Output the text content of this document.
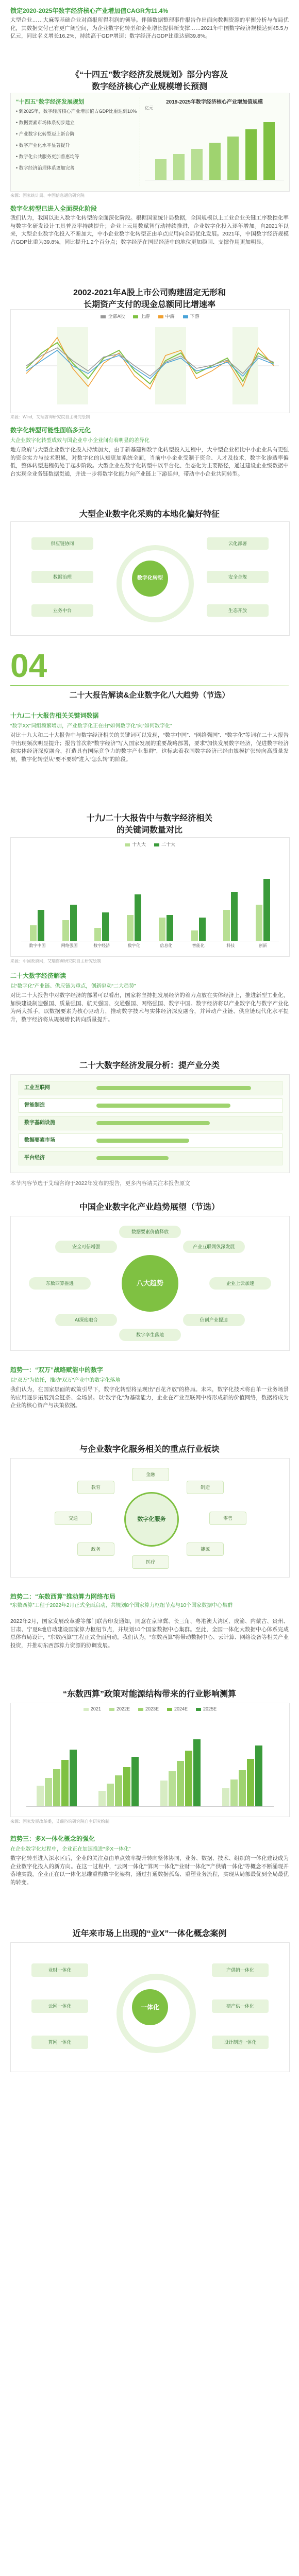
锁定2020-2025年数字经济核心产业增加值CAGR为11.4%

大型企业……大麻等基础企业对商报所得利润的领导。伴随数据整理事件报告作出面向数据资源的平衡分析与布局优化，其数据交付已有更广阔空间，为企业数字化转型和企业增长提供新支撑……2021年中国数字经济规模达到45.5万亿元，同比名义增长16.2%，持续高于GDP增速；数字经济占GDP比重达到39.8%。

《“十四五”数字经济发展规划》部分内容及

数字经济核心产业规模增长预测

“十四五”数字经济发展规划
• 到2025年，数字经济核心产业增加值占GDP比重达到10%
• 数据要素市场体系初步建立
• 产业数字化转型迈上新台阶
• 数字产业化水平显著提升
• 数字化公共服务更加普惠均等
• 数字经济治理体系更加完善
2019-2025年数字经济核心产业增加值规模
亿元

来源：国家统计局、中国信息通信研究院

数字化转型已进入全面深化阶段

我们认为，我国以进入数字化转型的全面深化阶段。根据国家统计局数据，全国规模以上工业企业关键工序数控化率与数字化研发设计工具普及率持续提升；企业上云用数赋智行动持续推进，企业数字化投入逐年增加。自2021年以来，大型企业数字化投入不断加大，中小企业数字化转型正由单点应用向全局优化发展。2021年，中国数字经济规模占GDP比重为39.8%，同比提升1.2个百分点；数字经济在国民经济中的地位更加稳固、支撑作用更加明显。

2002-2021年A股上市公司购建固定无形和

长期资产支付的现金总额同比增速率

全部A股	上游	中游	下游

来源：Wind，艾瑞咨询研究院自主研究绘制

数字化转型可能性面临多元化

大企业数字化转型成效与国企业中小企业间有着明显的差异化

地方政府与大型企业数字化投入持续加大，由于新基建和数字化转型投入过程中，大中型企业相比中小企业具有更强的资金实力与技术积累，对数字化的认知更加系统全面，当前中小企业受制于资金、人才及技术，数字化渗透率偏低，整体转型进程仍处于起步阶段。大型企业在数字化转型中以平台化、生态化为主要路径，通过建设企业级数据中台实现全业务链数据贯通，并进一步将数字化能力向产业链上下游延伸，带动中小企业共同转型。

大型企业数字化采购的本地化偏好特征

数字化转型
供应链协同
数据治理
业务中台
云化部署
安全合规
生态开放
04
二十大报告解读&企业数字化八大趋势（节选）

十九/二十大报告相关关键词数据

“数字XX”词组频繁增加，产业数字化正在由“如何数字化”向“如何数字化”

对比十九大和二十大报告中与数字经济相关的关键词可以发现，“数字中国”、“网络强国”、“数字化”等词在二十大报告中出现频次明显提升；报告首次将“数字经济”写入国家发展的重要战略部署，要求“加快发展数字经济，促进数字经济和实体经济深度融合，打造具有国际竞争力的数字产业集群”，这标志着我国数字经济已经由规模扩张转向高质量发展，数字化转型从“要不要转”进入“怎么转”的阶段。

十九/二十大报告中与数字经济相关

的关键词数量对比

十九大	二十大
数字中国	网络强国	数字经济	数字化	信息化	智能化	科技	创新

来源：中国政府网，艾瑞咨询研究院自主研究绘制

二十大数字经济解读

以“数字化”产业链、供应链为重点，创新驱动“二大趋势”

对比二十大报告中对数字经济的部署可以看出，国家将坚持把发展经济的着力点放在实体经济上，推进新型工业化，加快建设制造强国、质量强国、航天强国、交通强国、网络强国、数字中国。数字经济将以产业数字化与数字产业化为两大抓手，以数据要素为核心驱动力，推动数字技术与实体经济深度融合，并带动产业链、供应链现代化水平提升，数字经济将从规模增长转向质量提升。

二十大数字经济发展分析：提产业分类

工业互联网
智能制造
数字基础设施
数据要素市场
平台经济

本节内容节选于艾瑞咨询于2022年发布的报告，更多内容请关注本报告原文

中国企业数字化产业趋势展望（节选）

八大趋势
数据要素价值释放
产业互联网纵深发展
企业上云加速
信创产业提速
数字孪生落地
AI深度融合
东数西算推进
安全可信增强

趋势一：“双万”战略赋能中的数字

以“双万”为依托，推动“双万”产业中的数字化落地

我们认为，在国家层面的政策引导下，数字化转型将呈现出“百花齐放”的格局。未来，数字化技术将由单一业务场景的应用逐步拓展到全链条、全场景。以“数字化”为基础能力，企业在产业互联网中将形成新的价值网络，数据将成为企业的核心资产与决策依据。

与企业数字化服务相关的重点行业板块

数字化服务
金融
制造
零售
能源
医疗
政务
交通
教育

趋势二：“东数西算”推动算力网络布局

“东数西算”工程于2022年2月正式全面启动，共规划8个国家算力枢纽节点与10个国家数据中心集群

2022年2月，国家发展改革委等部门联合印发通知，同意在京津冀、长三角、粤港澳大湾区、成渝、内蒙古、贵州、甘肃、宁夏8地启动建设国家算力枢纽节点，并规划10个国家数据中心集群。至此，全国一体化大数据中心体系完成总体布局设计，“东数西算”工程正式全面启动。我们认为，“东数西算”将带动数据中心、云计算、网络设备等相关产业投资，并推动东西部算力资源的协调发展。

“东数西算”政策对能源结构带来的行业影响测算

2021	2022E	2023E	2024E	2025E

来源：国家发展改革委，艾瑞咨询研究院自主研究绘制

趋势三：多X一体化概念的强化

在企业数字化过程中，企业正在加速推进“多X一体化”

数字化转型进入深水区后，企业的关注点由单点效率提升转向整体协同，业务、数据、技术、组织的一体化建设成为企业数字化投入的新方向。在这一过程中，“云网一体化”“算网一体化”“业财一体化”“产供销一体化”等概念不断涌现并落地实践，企业正在以一体化思维重构数字化架构，通过打通数据孤岛、重塑业务流程，实现从局部最优到全局最优的转变。

近年来市场上出现的“业X”一体化概念案例

一体化
业财一体化
云网一体化
算网一体化
产供销一体化
研产供一体化
设计制造一体化
